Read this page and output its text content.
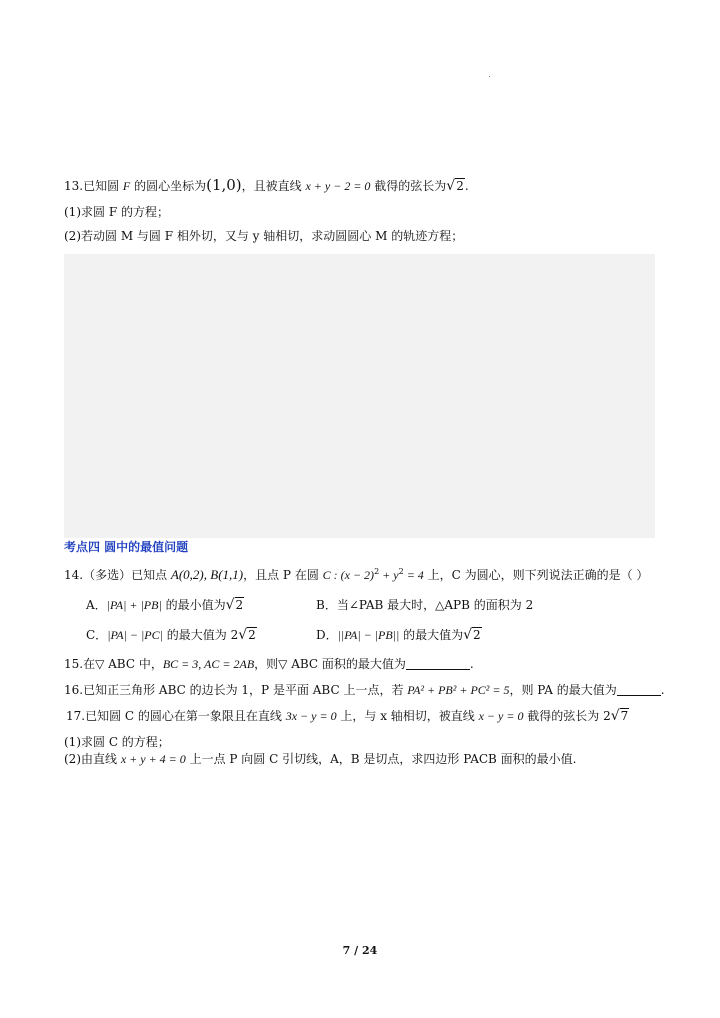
13.已知圆 F 的圆心坐标为(1,0)，且被直线 x + y − 2 = 0 截得的弦长为√2.
(1)求圆 F 的方程；
(2)若动圆 M 与圆 F 相外切，又与 y 轴相切，求动圆圆心 M 的轨迹方程；
考点四 圆中的最值问题
14.（多选）已知点 A(0,2), B(1,1)，且点 P 在圆 C : $(x - 2)^2 + y^2 = 4$ 上，C 为圆心，则下列说法正确的是（ ）
A．|PA| + |PB| 的最小值为√2	B．当∠PAB 最大时，△APB 的面积为 2
C．|PA| − |PC| 的最大值为 2√2	D．||PA| − |PB|| 的最大值为√2
15.在▽ ABC 中，BC = 3, AC = 2AB，则▽ ABC 面积的最大值为	.
16.已知正三角形 ABC 的边长为 1，P 是平面 ABC 上一点，若 PA² + PB² + PC² = 5，则 PA 的最大值为	.
17.已知圆 C 的圆心在第一象限且在直线 3x − y = 0 上，与 x 轴相切，被直线 x − y = 0 截得的弦长为 2√7
(1)求圆 C 的方程；
(2)由直线 x + y + 4 = 0 上一点 P 向圆 C 引切线，A，B 是切点，求四边形 PACB 面积的最小值.
7 / 24
